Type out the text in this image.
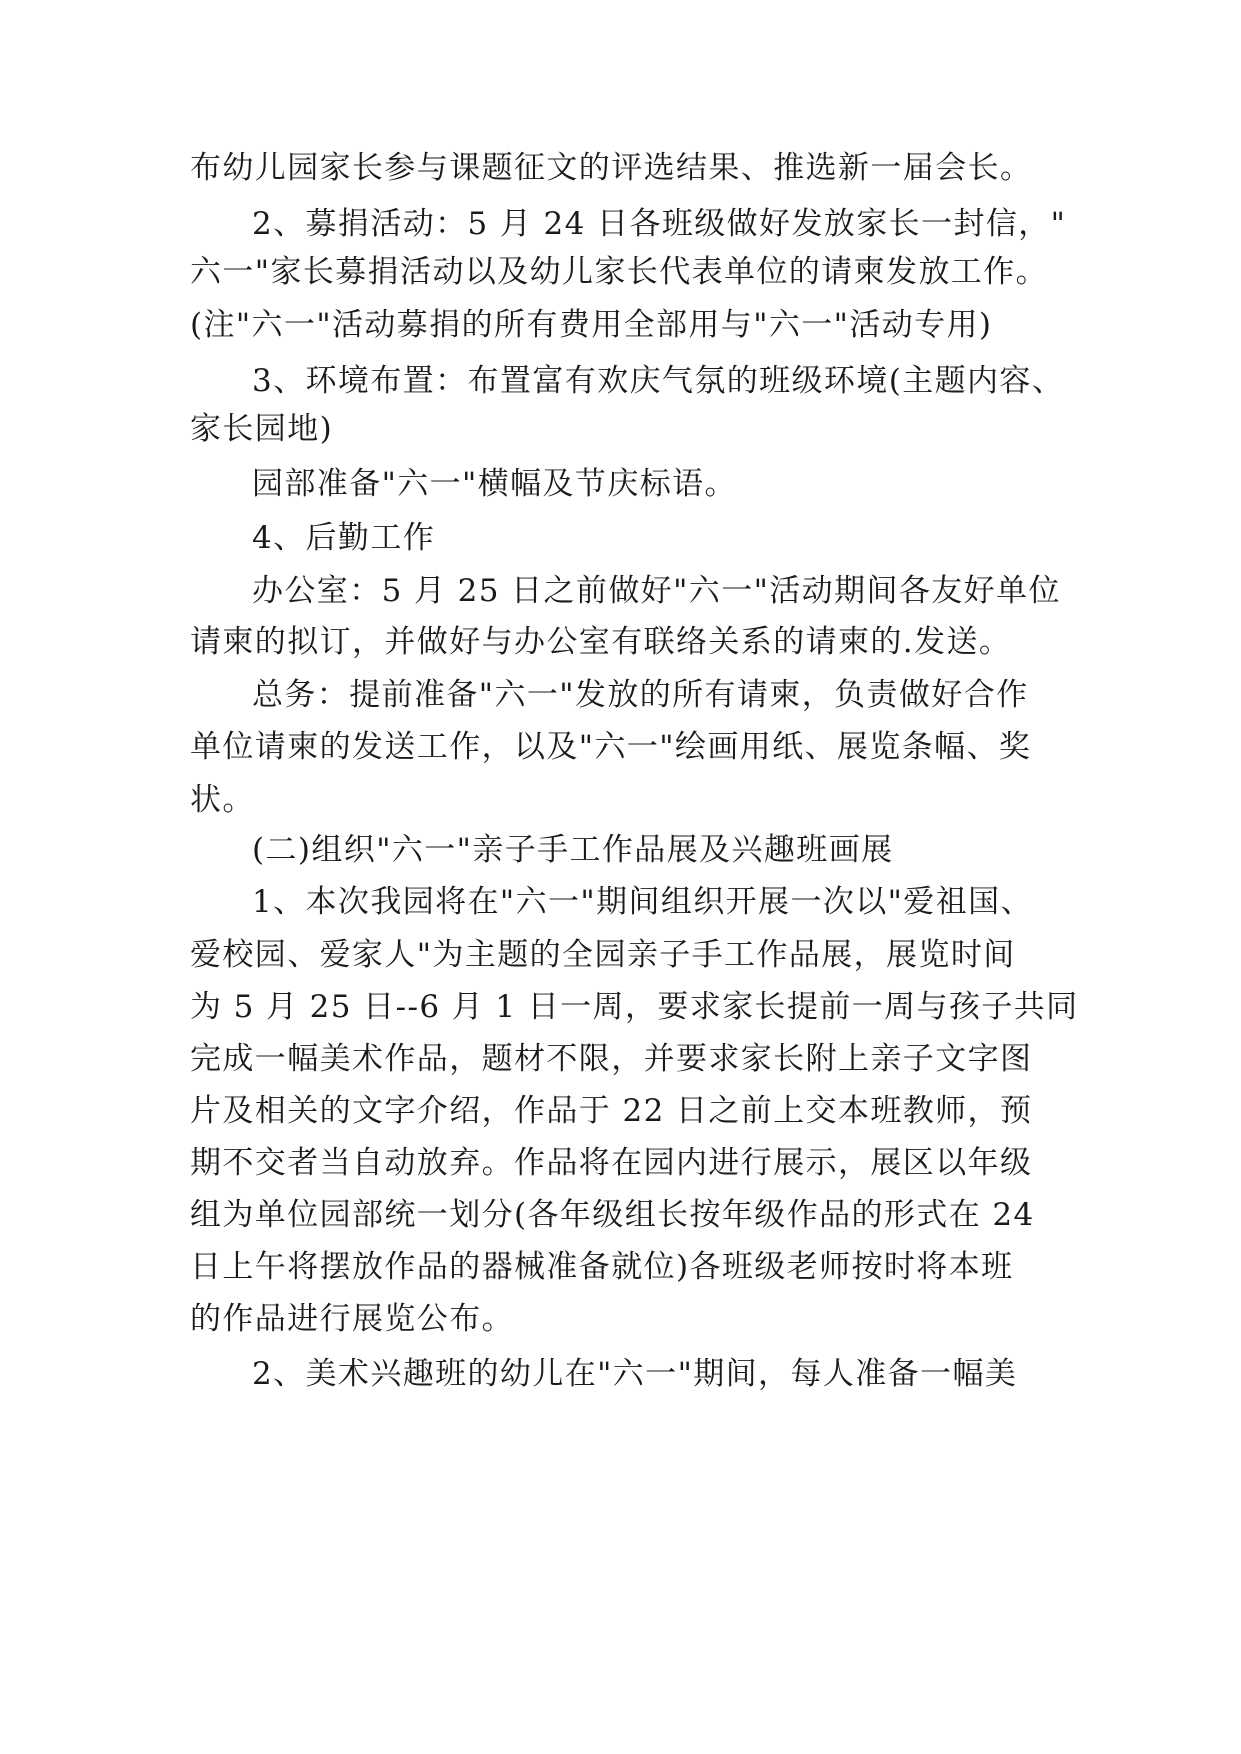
布幼儿园家长参与课题征文的评选结果、推选新一届会长。
2、募捐活动：5 月 24 日各班级做好发放家长一封信，"
六一"家长募捐活动以及幼儿家长代表单位的请柬发放工作。
(注"六一"活动募捐的所有费用全部用与"六一"活动专用)
3、环境布置：布置富有欢庆气氛的班级环境(主题内容、
家长园地)
园部准备"六一"横幅及节庆标语。
4、后勤工作
办公室：5 月 25 日之前做好"六一"活动期间各友好单位
请柬的拟订，并做好与办公室有联络关系的请柬的.发送。
总务：提前准备"六一"发放的所有请柬，负责做好合作
单位请柬的发送工作，以及"六一"绘画用纸、展览条幅、奖
状。
(二)组织"六一"亲子手工作品展及兴趣班画展
1、本次我园将在"六一"期间组织开展一次以"爱祖国、
爱校园、爱家人"为主题的全园亲子手工作品展，展览时间
为 5 月 25 日--6 月 1 日一周，要求家长提前一周与孩子共同
完成一幅美术作品，题材不限，并要求家长附上亲子文字图
片及相关的文字介绍，作品于 22 日之前上交本班教师，预
期不交者当自动放弃。作品将在园内进行展示，展区以年级
组为单位园部统一划分(各年级组长按年级作品的形式在 24
日上午将摆放作品的器械准备就位)各班级老师按时将本班
的作品进行展览公布。
2、美术兴趣班的幼儿在"六一"期间，每人准备一幅美
